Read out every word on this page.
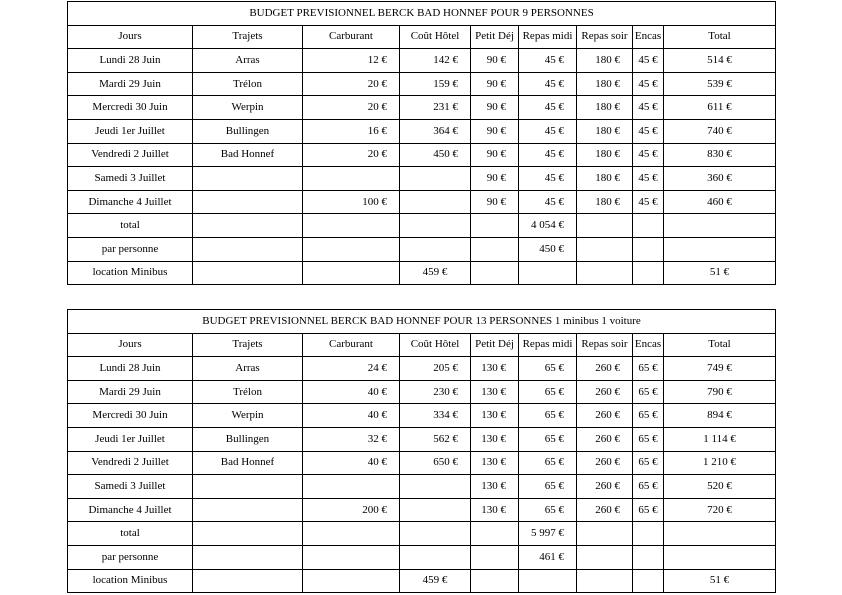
BUDGET PREVISIONNEL BERCK BAD HONNEF POUR 9 PERSONNES								
Jours	Trajets	Carburant	Coût Hôtel	Petit Déj	Repas midi	Repas soir	Encas	Total
Lundi 28 Juin	Arras	12 €	142 €	90 €	45 €	180 €	45 €	514 €
Mardi 29 Juin	Trélon	20 €	159 €	90 €	45 €	180 €	45 €	539 €
Mercredi 30 Juin	Werpin	20 €	231 €	90 €	45 €	180 €	45 €	611 €
Jeudi 1er Juillet	Bullingen	16 €	364 €	90 €	45 €	180 €	45 €	740 €
Vendredi 2 Juillet	Bad Honnef	20 €	450 €	90 €	45 €	180 €	45 €	830 €
Samedi 3 Juillet				90 €	45 €	180 €	45 €	360 €
Dimanche 4 Juillet		100 €		90 €	45 €	180 €	45 €	460 €
total					4 054 €			
par personne					450 €			
location Minibus			459 €					51 €
BUDGET PREVISIONNEL BERCK BAD HONNEF POUR 13 PERSONNES 1 minibus 1 voiture								
Jours	Trajets	Carburant	Coût Hôtel	Petit Déj	Repas midi	Repas soir	Encas	Total
Lundi 28 Juin	Arras	24 €	205 €	130 €	65 €	260 €	65 €	749 €
Mardi 29 Juin	Trélon	40 €	230 €	130 €	65 €	260 €	65 €	790 €
Mercredi 30 Juin	Werpin	40 €	334 €	130 €	65 €	260 €	65 €	894 €
Jeudi 1er Juillet	Bullingen	32 €	562 €	130 €	65 €	260 €	65 €	1 114 €
Vendredi 2 Juillet	Bad Honnef	40 €	650 €	130 €	65 €	260 €	65 €	1 210 €
Samedi 3 Juillet				130 €	65 €	260 €	65 €	520 €
Dimanche 4 Juillet		200 €		130 €	65 €	260 €	65 €	720 €
total					5 997 €			
par personne					461 €			
location Minibus			459 €					51 €
